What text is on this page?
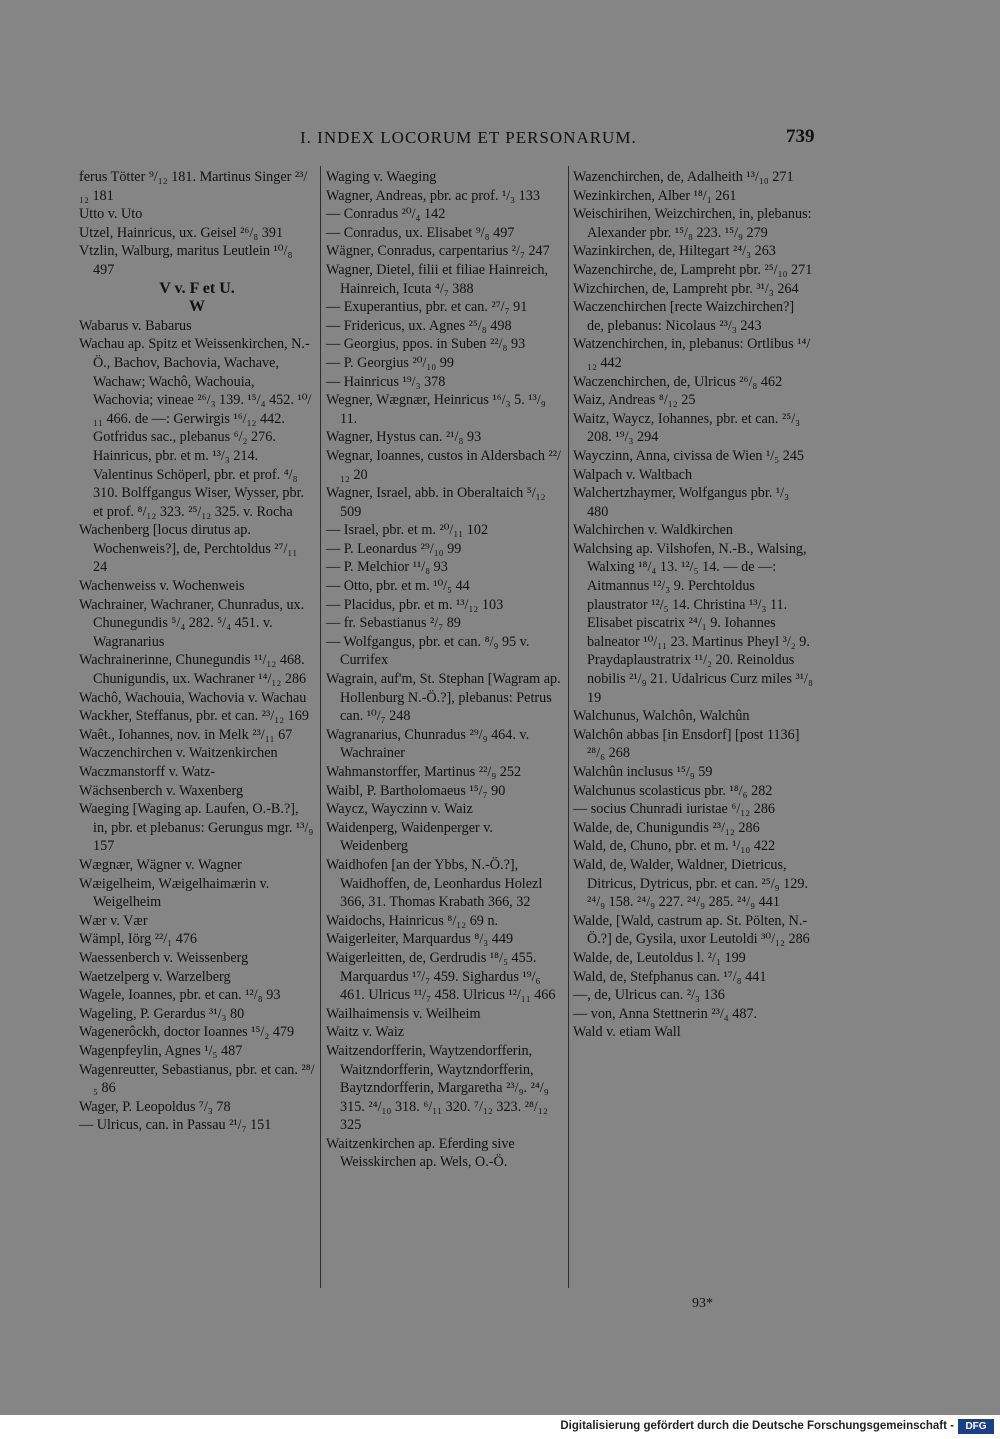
I. INDEX LOCORUM ET PERSONARUM.	739

ferus Tötter ⁹/₁₂ 181. Martinus Singer ²³/₁₂ 181

Utto v. Uto

Utzel, Hainricus, ux. Geisel ²⁶/₈ 391

Vtzlin, Walburg, maritus Leutlein ¹⁰/₈ 497

V v. F et U.

W

Wabarus v. Babarus

Wachau ap. Spitz et Weissenkirchen, N.-Ö., Bachov, Bachovia, Wachave, Wachaw; Wachô, Wachouia, Wachovia; vineae ²⁶/₃ 139. ¹⁵/₄ 452. ¹⁰/₁₁ 466. de —: Gerwirgis ¹⁶/₁₂ 442. Gotfridus sac., plebanus ⁶/₂ 276. Hainricus, pbr. et m. ¹³/₃ 214. Valentinus Schöperl, pbr. et prof. ⁴/₈ 310. Bolffgangus Wiser, Wysser, pbr. et prof. ⁸/₁₂ 323. ²⁵/₁₂ 325. v. Rocha

Wachenberg [locus dirutus ap. Wochenweis?], de, Perchtoldus ²⁷/₁₁ 24

Wachenweiss v. Wochenweis

Wachrainer, Wachraner, Chunradus, ux. Chunegundis ⁵/₄ 282. ⁵/₄ 451. v. Wagranarius

Wachrainerinne, Chunegundis ¹¹/₁₂ 468. Chunigundis, ux. Wachraner ¹⁴/₁₂ 286

Wachô, Wachouia, Wachovia v. Wachau

Wackher, Steffanus, pbr. et can. ²³/₁₂ 169

Waêt., Iohannes, nov. in Melk ²³/₁₁ 67

Waczenchirchen v. Waitzenkirchen

Waczmanstorff v. Watz-

Wächsenberch v. Waxenberg

Waeging [Waging ap. Laufen, O.-B.?], in, pbr. et plebanus: Gerungus mgr. ¹³/₉ 157

Wægnær, Wägner v. Wagner

Wæigelheim, Wæigelhaimærin v. Weigelheim

Wær v. Vær

Wämpl, Iörg ²²/₁ 476

Waessenberch v. Weissenberg

Waetzelperg v. Warzelberg

Wagele, Ioannes, pbr. et can. ¹²/₈ 93

Wageling, P. Gerardus ³¹/₃ 80

Wagenerôckh, doctor Ioannes ¹⁵/₂ 479

Wagenpfeylin, Agnes ¹/₅ 487

Wagenreutter, Sebastianus, pbr. et can. ²⁸/₅ 86

Wager, P. Leopoldus ⁷/₃ 78

— Ulricus, can. in Passau ²¹/₇ 151

Waging v. Waeging

Wagner, Andreas, pbr. ac prof. ¹/₃ 133

— Conradus ²⁰/₄ 142

— Conradus, ux. Elisabet ⁹/₈ 497

Wägner, Conradus, carpentarius ²/₇ 247

Wagner, Dietel, filii et filiae Hainreich, Hainreich, Icuta ⁴/₇ 388

— Exuperantius, pbr. et can. ²⁷/₇ 91

— Fridericus, ux. Agnes ²⁵/₈ 498

— Georgius, ppos. in Suben ²²/₈ 93

— P. Georgius ²⁰/₁₀ 99

— Hainricus ¹⁹/₃ 378

Wegner, Wægnær, Heinricus ¹⁶/₃ 5. ¹³/₉ 11.

Wagner, Hystus can. ²¹/₈ 93

Wegnar, Ioannes, custos in Aldersbach ²²/₁₂ 20

Wagner, Israel, abb. in Oberaltaich ⁵/₁₂ 509

— Israel, pbr. et m. ²⁰/₁₁ 102

— P. Leonardus ²⁹/₁₀ 99

— P. Melchior ¹¹/₈ 93

— Otto, pbr. et m. ¹⁰/₅ 44

— Placidus, pbr. et m. ¹³/₁₂ 103

— fr. Sebastianus ²/₇ 89

— Wolfgangus, pbr. et can. ⁸/₉ 95 v. Currifex

Wagrain, auf'm, St. Stephan [Wagram ap. Hollenburg N.-Ö.?], plebanus: Petrus can. ¹⁰/₇ 248

Wagranarius, Chunradus ²⁹/₉ 464. v. Wachrainer

Wahmanstorffer, Martinus ²²/₉ 252

Waibl, P. Bartholomaeus ¹⁵/₇ 90

Waycz, Wayczinn v. Waiz

Waidenperg, Waidenperger v. Weidenberg

Waidhofen [an der Ybbs, N.-Ö.?], Waidhoffen, de, Leonhardus Holezl 366, 31. Thomas Krabath 366, 32

Waidochs, Hainricus ⁸/₁₂ 69 n.

Waigerleiter, Marquardus ⁸/₃ 449

Waigerleitten, de, Gerdrudis ¹⁸/₅ 455. Marquardus ¹⁷/₇ 459. Sighardus ¹⁹/₆ 461. Ulricus ¹¹/₇ 458. Ulricus ¹²/₁₁ 466

Wailhaimensis v. Weilheim

Waitz v. Waiz

Waitzendorfferin, Waytzendorfferin, Waitzndorfferin, Waytzndorfferin, Baytzndorfferin, Margaretha ²³/₉. ²⁴/₉ 315. ²⁴/₁₀ 318. ⁶/₁₁ 320. ⁷/₁₂ 323. ²⁸/₁₂ 325

Waitzenkirchen ap. Eferding sive Weisskirchen ap. Wels, O.-Ö.

Wazenchirchen, de, Adalheith ¹³/₁₀ 271

Wezinkirchen, Alber ¹⁸/₁ 261

Weischirihen, Weizchirchen, in, plebanus: Alexander pbr. ¹⁵/₈ 223. ¹⁵/₉ 279

Wazinkirchen, de, Hiltegart ²⁴/₃ 263

Wazenchirche, de, Lampreht pbr. ²⁵/₁₀ 271

Wizchirchen, de, Lampreht pbr. ³¹/₃ 264

Waczenchirchen [recte Waizchirchen?] de, plebanus: Nicolaus ²³/₃ 243

Watzenchirchen, in, plebanus: Ortlibus ¹⁴/₁₂ 442

Waczenchirchen, de, Ulricus ²⁶/₈ 462

Waiz, Andreas ⁸/₁₂ 25

Waitz, Waycz, Iohannes, pbr. et can. ²⁵/₃ 208. ¹⁹/₃ 294

Wayczinn, Anna, civissa de Wien ¹/₅ 245

Walpach v. Waltbach

Walchertzhaymer, Wolfgangus pbr. ¹/₃ 480

Walchirchen v. Waldkirchen

Walchsing ap. Vilshofen, N.-B., Walsing, Walxing ¹⁸/₄ 13. ¹²/₅ 14. — de —: Aitmannus ¹²/₃ 9. Perchtoldus plaustrator ¹²/₅ 14. Christina ¹³/₃ 11. Elisabet piscatrix ²⁴/₁ 9. Iohannes balneator ¹⁰/₁₁ 23. Martinus Pheyl ³/₂ 9. Praydaplaustratrix ¹¹/₂ 20. Reinoldus nobilis ²¹/₉ 21. Udalricus Curz miles ³¹/₈ 19

Walchunus, Walchôn, Walchûn

Walchôn abbas [in Ensdorf] [post 1136] ²⁸/₆ 268

Walchûn inclusus ¹⁵/₉ 59

Walchunus scolasticus pbr. ¹⁸/₆ 282

— socius Chunradi iuristae ⁶/₁₂ 286

Walde, de, Chunigundis ²³/₁₂ 286

Wald, de, Chuno, pbr. et m. ¹/₁₀ 422

Wald, de, Walder, Waldner, Dietricus, Ditricus, Dytricus, pbr. et can. ²⁵/₉ 129. ²⁴/₉ 158. ²⁴/₉ 227. ²⁴/₉ 285. ²⁴/₉ 441

Walde, [Wald, castrum ap. St. Pölten, N.-Ö.?] de, Gysila, uxor Leutoldi ³⁰/₁₂ 286

Walde, de, Leutoldus l. ²/₁ 199

Wald, de, Stefphanus can. ¹⁷/₈ 441

—, de, Ulricus can. ²/₃ 136

— von, Anna Stettnerin ²³/₄ 487.

Wald v. etiam Wall

93*
Digitalisierung gefördert durch die Deutsche Forschungsgemeinschaft -	DFG
